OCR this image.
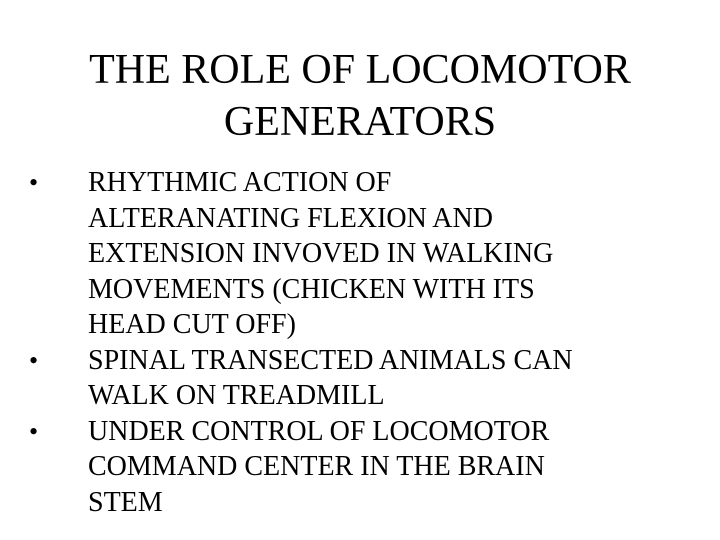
THE ROLE OF LOCOMOTOR
GENERATORS
• RHYTHMIC ACTION OF
ALTERANATING FLEXION AND
EXTENSION INVOVED IN WALKING
MOVEMENTS (CHICKEN WITH ITS
HEAD CUT OFF)
• SPINAL TRANSECTED ANIMALS CAN
WALK ON TREADMILL
• UNDER CONTROL OF LOCOMOTOR
COMMAND CENTER IN THE BRAIN
STEM
